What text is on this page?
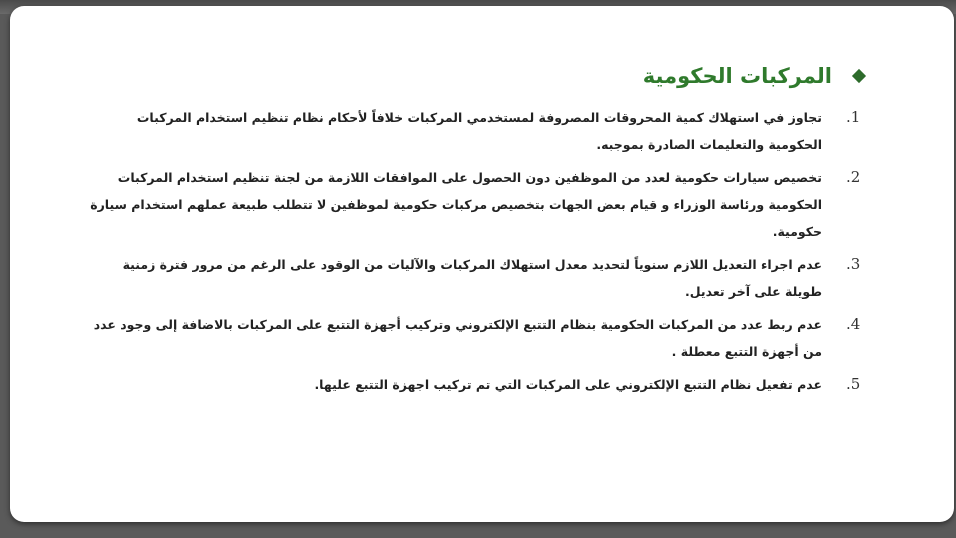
المركبات الحكومية
.1
تجاوز في استهلاك كمية المحروقات المصروفة لمستخدمي المركبات خلافاً لأحكام نظام تنظيم استخدام المركبات الحكومية والتعليمات الصادرة بموجبه.
.2
تخصيص سيارات حكومية لعدد من الموظفين دون الحصول على الموافقات اللازمة من لجنة تنظيم استخدام المركبات الحكومية ورئاسة الوزراء و قيام بعض الجهات بتخصيص مركبات حكومية لموظفين لا تتطلب طبيعة عملهم استخدام سيارة حكومية.
.3
عدم اجراء التعديل اللازم سنوياً لتحديد معدل استهلاك المركبات والآليات من الوقود على الرغم من مرور فترة زمنية طويلة على آخر تعديل.
.4
عدم ربط عدد من المركبات الحكومية بنظام التتبع الإلكتروني وتركيب أجهزة التتبع على المركبات بالاضافة إلى وجود عدد من أجهزة التتبع معطلة .
.5
عدم تفعيل نظام التتبع الإلكتروني على المركبات التي تم تركيب اجهزة التتبع عليها.
